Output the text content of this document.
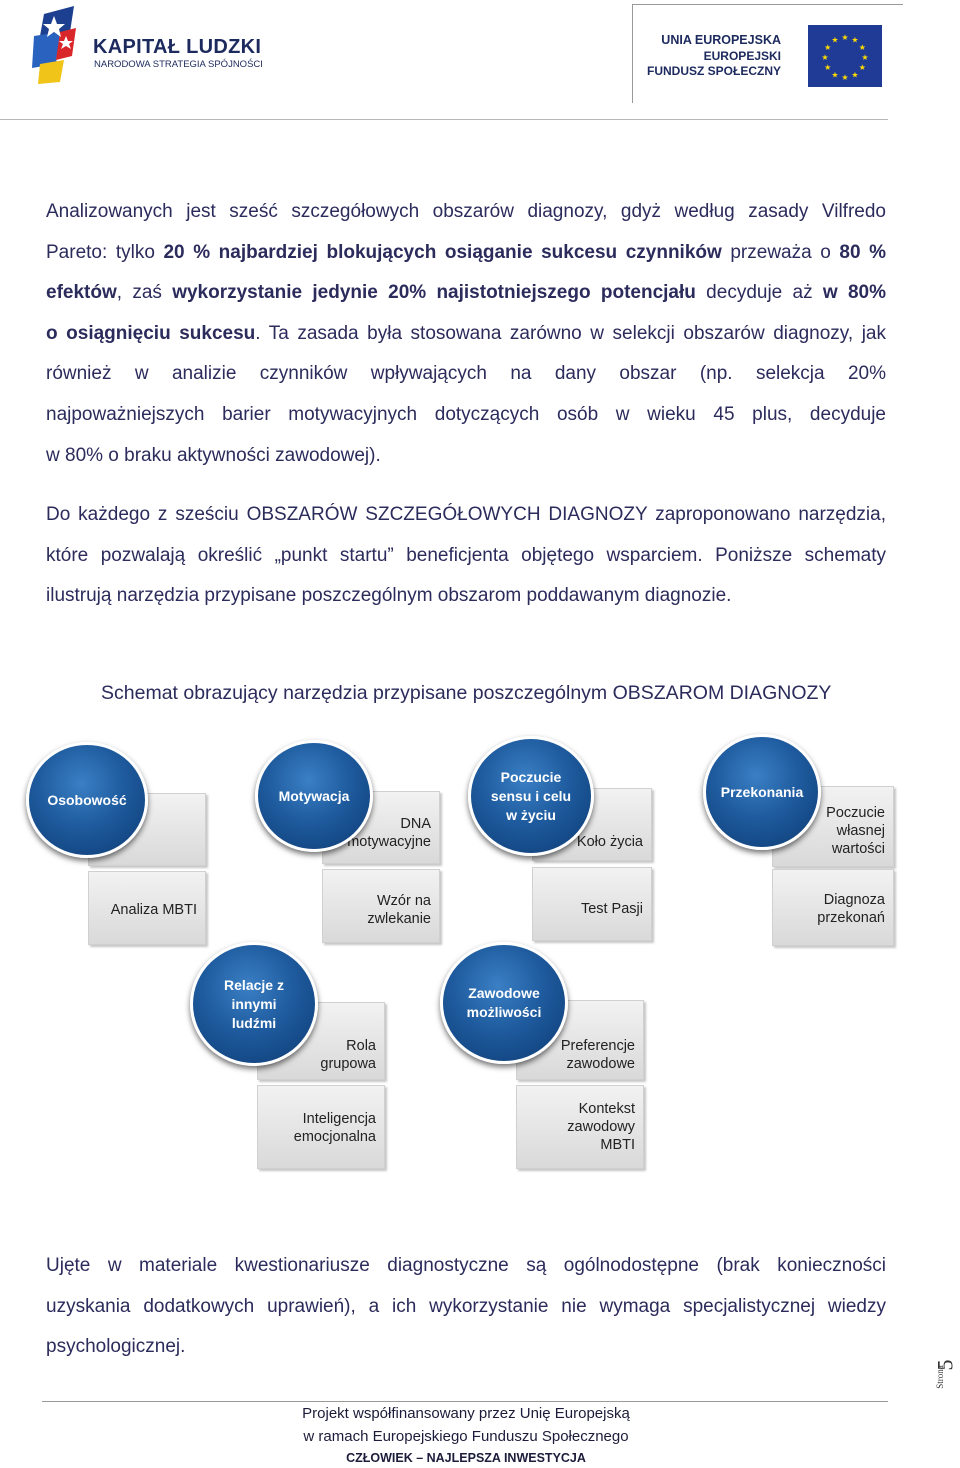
KAPITAŁ LUDZKI
NARODOWA STRATEGIA SPÓJNOŚCI
UNIA EUROPEJSKA
EUROPEJSKI
FUNDUSZ SPOŁECZNY
★ ★
★
★
★
★
★
★
★
★
★
★
Analizowanych jest sześć szczegółowych obszarów diagnozy, gdyż według zasady Vilfredo
Pareto: tylko 20 % najbardziej blokujących osiąganie sukcesu czynników przeważa o 80 %
efektów, zaś wykorzystanie jedynie 20% najistotniejszego potencjału decyduje aż w 80%
o osiągnięciu sukcesu. Ta zasada była stosowana zarówno w selekcji obszarów diagnozy, jak
również w analizie czynników wpływających na dany obszar (np. selekcja 20%
najpoważniejszych barier motywacyjnych dotyczących osób w wieku 45 plus, decyduje
w 80% o braku aktywności zawodowej).
Do każdego z sześciu OBSZARÓW SZCZEGÓŁOWYCH DIAGNOZY zaproponowano narzędzia,
które pozwalają określić „punkt startu” beneficjenta objętego wsparciem. Poniższe schematy
ilustrują narzędzia przypisane poszczególnym obszarom poddawanym diagnozie.
Schemat obrazujący narzędzia przypisane poszczególnym OBSZAROM DIAGNOZY
Analiza MBTI
Osobowość
DNA
motywacyjne
Wzór na
zwlekanie
Motywacja
Koło życia
Test Pasji
Poczucie
sensu i celu
w życiu	Poczucie
własnej
wartości
Diagnoza
przekonań
Przekonania
Rola
grupowa
Inteligencja
emocjonalna
Relacje z
innymi
ludźmi
Preferencje
zawodowe
Kontekst
zawodowy
MBTI
Zawodowe
możliwości
Ujęte w materiale kwestionariusze diagnostyczne są ogólnodostępne (brak konieczności
uzyskania dodatkowych uprawień), a ich wykorzystanie nie wymaga specjalistycznej wiedzy
psychologicznej.
Strona
5
Projekt współfinansowany przez Unię Europejską
w ramach Europejskiego Funduszu Społecznego
CZŁOWIEK – NAJLEPSZA INWESTYCJA
